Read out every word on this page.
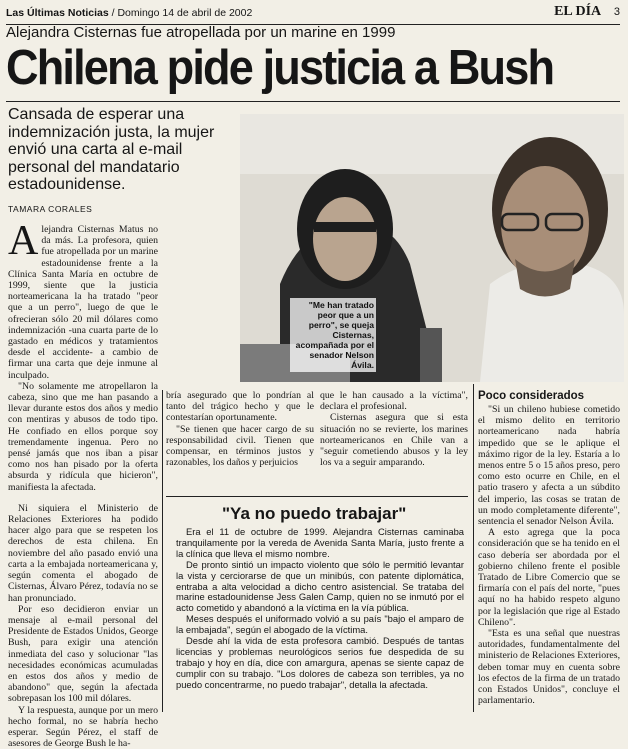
Las Últimas Noticias / Domingo 14 de abril de 2002	EL DÍA 3
Alejandra Cisternas fue atropellada por un marine en 1999
Chilena pide justicia a Bush
Cansada de esperar una indemnización justa, la mujer envió una carta al e-mail personal del mandatario estadounidense.
TAMARA CORALES
"Me han tratado peor que a un perro", se queja Cisternas, acompañada por el senador Nelson Ávila.

Alejandra Cisternas Matus no da más. La profesora, quien fue atropellada por un marine estadounidense frente a la Clínica Santa María en octubre de 1999, siente que la justicia norteamericana la ha tratado "peor que a un perro", luego de que le ofrecieran sólo 20 mil dólares como indemnización -una cuarta parte de lo gastado en médicos y tratamientos desde el accidente- a cambio de firmar una carta que deje inmune al inculpado.

"No solamente me atropellaron la cabeza, sino que me han pasando a llevar durante estos dos años y medio con mentiras y abusos de todo tipo. He confiado en ellos porque soy tremendamente ingenua. Pero no pensé jamás que nos iban a pisar como nos han pisado por la oferta absurda y ridícula que hicieron", manifiesta la afectada.

Ni siquiera el Ministerio de Relaciones Exteriores ha podido hacer algo para que se respeten los derechos de esta chilena. En noviembre del año pasado envió una carta a la embajada norteamericana y, según comenta el abogado de Cisternas, Álvaro Pérez, todavía no se han pronunciado.

Por eso decidieron enviar un mensaje al e-mail personal del Presidente de Estados Unidos, George Bush, para exigir una atención inmediata del caso y solucionar "las necesidades económicas acumuladas en estos dos años y medio de abandono" que, según la afectada sobrepasan los 100 mil dólares.

Y la respuesta, aunque por un mero hecho formal, no se habría hecho esperar. Según Pérez, el staff de asesores de George Bush le ha-

bría asegurado que lo pondrían al tanto del trágico hecho y que le contestarían oportunamente.

"Se tienen que hacer cargo de su responsabilidad civil. Tienen que compensar, en términos justos y razonables, los daños y perjuicios

que le han causado a la víctima", declara el profesional.

Cisternas asegura que si esta situación no se revierte, los marines norteamericanos en Chile van a "seguir cometiendo abusos y la ley los va a seguir amparando.

Poco considerados

"Si un chileno hubiese cometido el mismo delito en territorio norteamericano nada habría impedido que se le aplique el máximo rigor de la ley. Estaría a lo menos entre 5 o 15 años preso, pero como esto ocurre en Chile, en el patio trasero y afecta a un súbdito del imperio, las cosas se tratan de un modo completamente diferente", sentencia el senador Nelson Ávila.

A esto agrega que la poca consideración que se ha tenido en el caso debería ser abordada por el gobierno chileno frente el posible Tratado de Libre Comercio que se firmaría con el país del norte, "pues aquí no ha habido respeto alguno por la legislación que rige al Estado Chileno".

"Esta es una señal que nuestras autoridades, fundamentalmente del ministerio de Relaciones Exteriores, deben tomar muy en cuenta sobre los efectos de la firma de un tratado con Estados Unidos", concluye el parlamentario.

"Ya no puedo trabajar"

Era el 11 de octubre de 1999. Alejandra Cisternas caminaba tranquilamente por la vereda de Avenida Santa María, justo frente a la clínica que lleva el mismo nombre.

De pronto sintió un impacto violento que sólo le permitió levantar la vista y cerciorarse de que un minibús, con patente diplomática, entraba a alta velocidad a dicho centro asistencial. Se trataba del marine estadounidense Jess Galen Camp, quien no se inmutó por el acto cometido y abandonó a la víctima en la vía pública.

Meses después el uniformado volvió a su país "bajo el amparo de la embajada", según el abogado de la víctima.

Desde ahí la vida de esta profesora cambió. Después de tantas licencias y problemas neurológicos serios fue despedida de su trabajo y hoy en día, dice con amargura, apenas se siente capaz de cumplir con su trabajo. "Los dolores de cabeza son terribles, ya no puedo concentrarme, no puedo trabajar", detalla la afectada.
